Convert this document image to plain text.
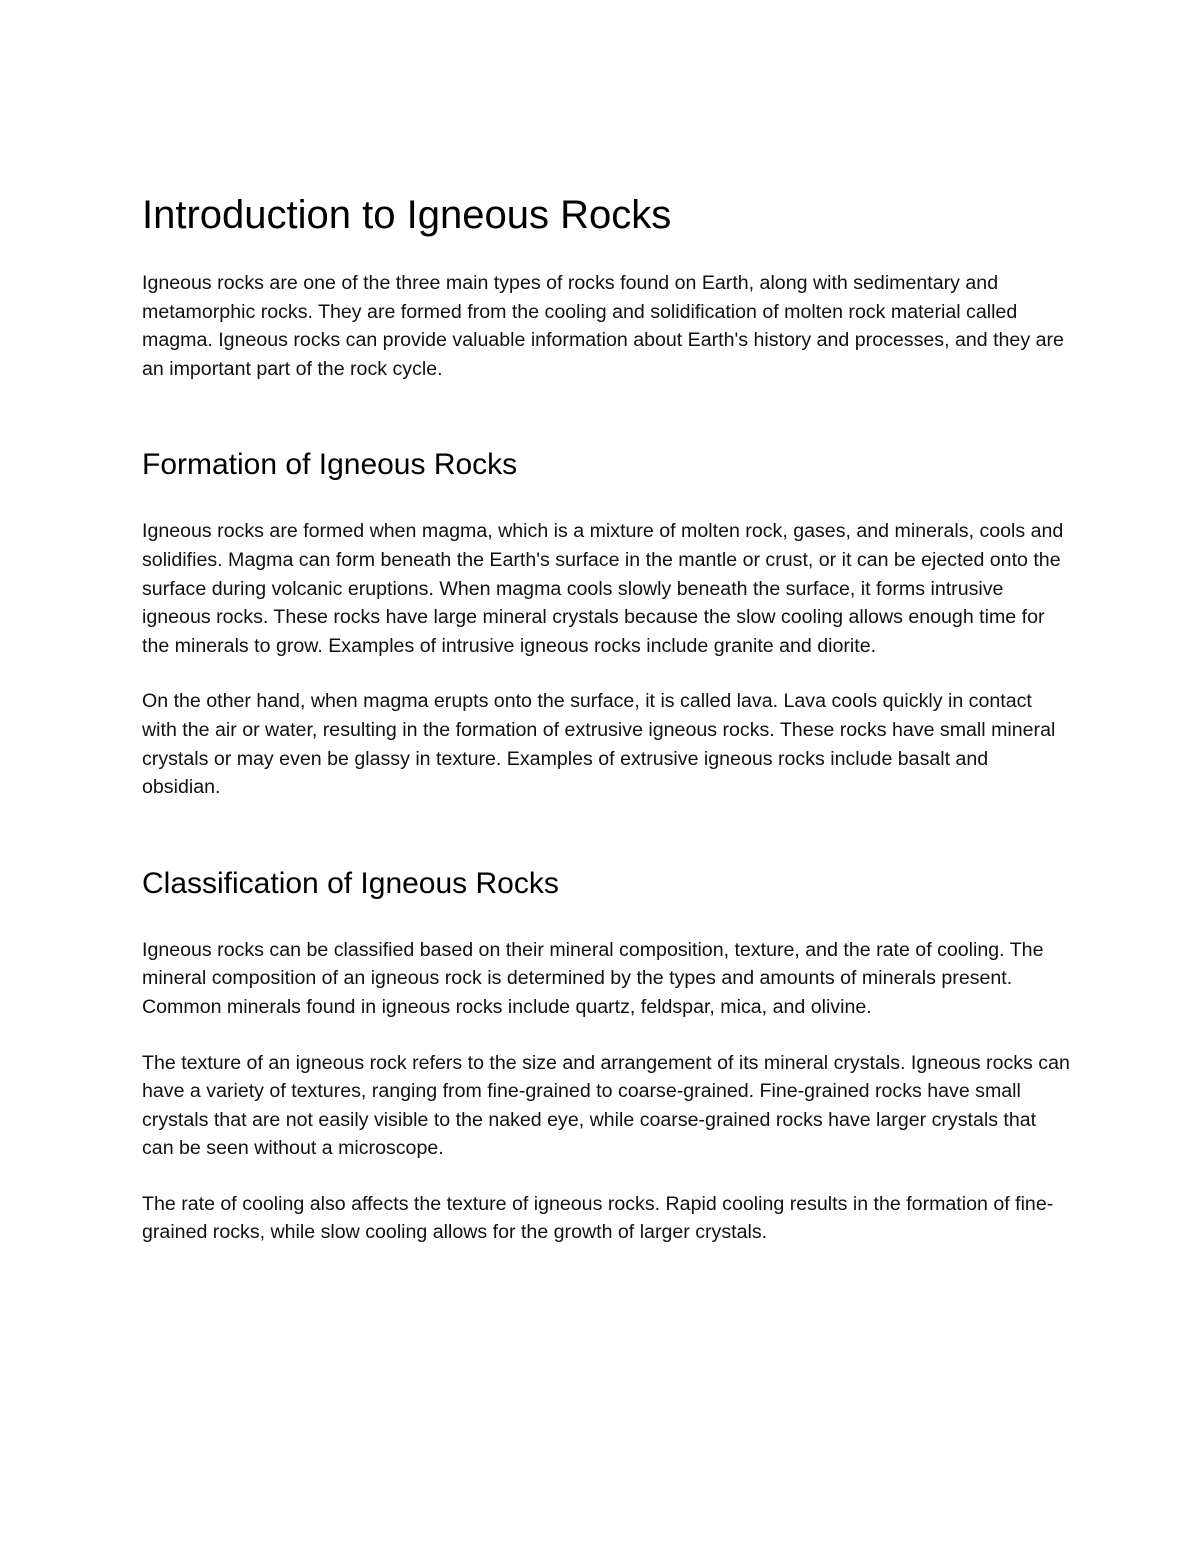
Introduction to Igneous Rocks

Igneous rocks are one of the three main types of rocks found on Earth, along with sedimentary and metamorphic rocks. They are formed from the cooling and solidification of molten rock material called magma. Igneous rocks can provide valuable information about Earth's history and processes, and they are an important part of the rock cycle.

Formation of Igneous Rocks

Igneous rocks are formed when magma, which is a mixture of molten rock, gases, and minerals, cools and solidifies. Magma can form beneath the Earth's surface in the mantle or crust, or it can be ejected onto the surface during volcanic eruptions. When magma cools slowly beneath the surface, it forms intrusive igneous rocks. These rocks have large mineral crystals because the slow cooling allows enough time for the minerals to grow. Examples of intrusive igneous rocks include granite and diorite.

On the other hand, when magma erupts onto the surface, it is called lava. Lava cools quickly in contact with the air or water, resulting in the formation of extrusive igneous rocks. These rocks have small mineral crystals or may even be glassy in texture. Examples of extrusive igneous rocks include basalt and obsidian.

Classification of Igneous Rocks

Igneous rocks can be classified based on their mineral composition, texture, and the rate of cooling. The mineral composition of an igneous rock is determined by the types and amounts of minerals present. Common minerals found in igneous rocks include quartz, feldspar, mica, and olivine.

The texture of an igneous rock refers to the size and arrangement of its mineral crystals. Igneous rocks can have a variety of textures, ranging from fine-grained to coarse-grained. Fine-grained rocks have small crystals that are not easily visible to the naked eye, while coarse-grained rocks have larger crystals that can be seen without a microscope.

The rate of cooling also affects the texture of igneous rocks. Rapid cooling results in the formation of fine-grained rocks, while slow cooling allows for the growth of larger crystals.
